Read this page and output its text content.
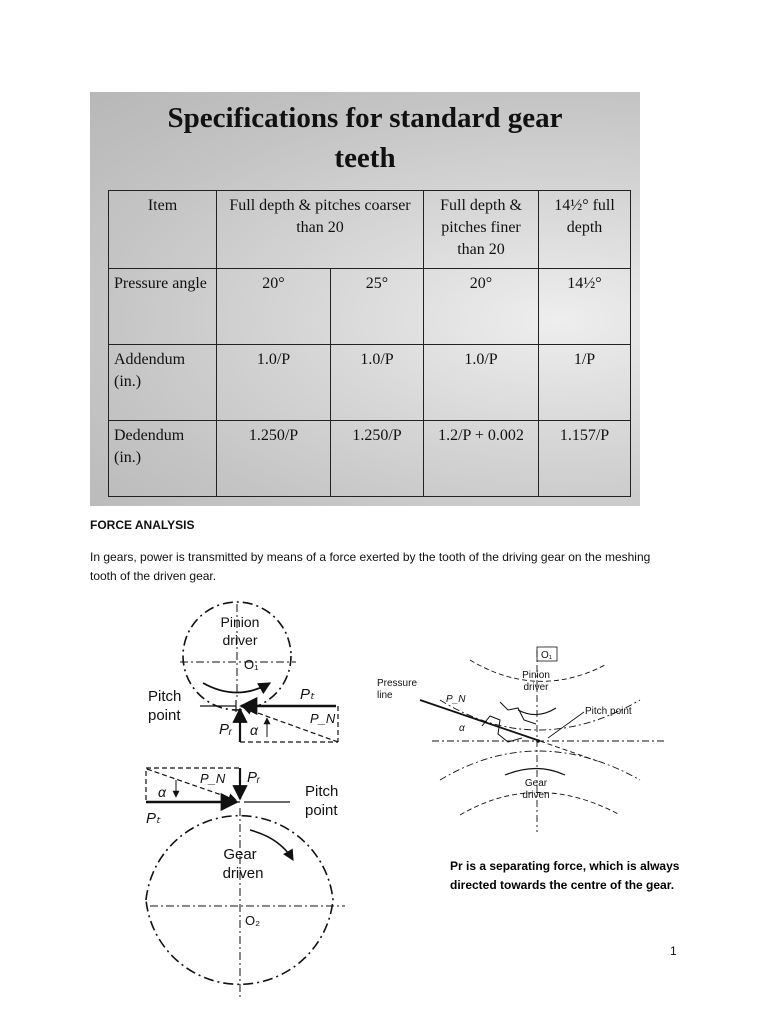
Specifications for standard gear
teeth
Item	Full depth & pitches coarser than 20		Full depth & pitches finer than 20	14½° full depth
Pressure angle	20°	25°	20°	14½°
Addendum (in.)	1.0/P	1.0/P	1.0/P	1/P
Dedendum (in.)	1.250/P	1.250/P	1.2/P + 0.002	1.157/P
FORCE ANALYSIS
In gears, power is transmitted by means of a force exerted by the tooth of the driving gear on the meshing tooth of the driven gear.
Pinion
driver
O₁
Pitch
point
Pₜ
P_N
Pᵣ α
P_N Pᵣ
α
Pₜ
Pitch
point
Gear
driven
O₂
O₁
Pinion
driver
Pressure
line	P_N
Pitch point
α
Gear
driven
Pr is a separating force, which is always directed towards the centre of the gear.
1
